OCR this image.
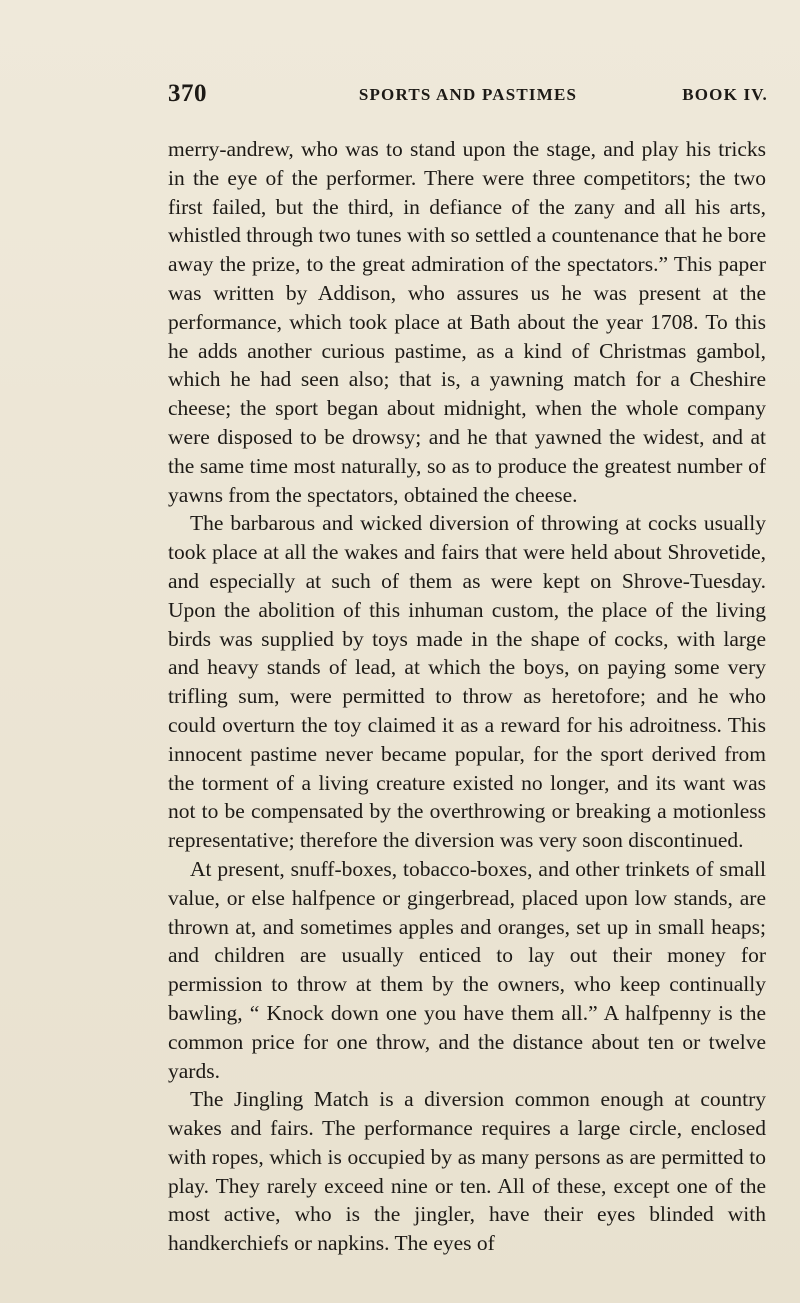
370	SPORTS AND PASTIMES	BOOK IV.

merry-andrew, who was to stand upon the stage, and play his tricks in the eye of the performer. There were three competitors; the two first failed, but the third, in defiance of the zany and all his arts, whistled through two tunes with so settled a countenance that he bore away the prize, to the great admiration of the spectators.” This paper was written by Addison, who assures us he was present at the performance, which took place at Bath about the year 1708. To this he adds another curious pastime, as a kind of Christmas gambol, which he had seen also; that is, a yawning match for a Cheshire cheese; the sport began about midnight, when the whole company were disposed to be drowsy; and he that yawned the widest, and at the same time most naturally, so as to produce the greatest number of yawns from the spectators, obtained the cheese.

The barbarous and wicked diversion of throwing at cocks usually took place at all the wakes and fairs that were held about Shrovetide, and especially at such of them as were kept on Shrove-Tuesday. Upon the abolition of this inhuman custom, the place of the living birds was supplied by toys made in the shape of cocks, with large and heavy stands of lead, at which the boys, on paying some very trifling sum, were permitted to throw as heretofore; and he who could overturn the toy claimed it as a reward for his adroitness. This innocent pastime never became popular, for the sport derived from the torment of a living creature existed no longer, and its want was not to be compensated by the overthrowing or breaking a motionless representative; therefore the diversion was very soon discontinued.

At present, snuff-boxes, tobacco-boxes, and other trinkets of small value, or else halfpence or gingerbread, placed upon low stands, are thrown at, and sometimes apples and oranges, set up in small heaps; and children are usually enticed to lay out their money for permission to throw at them by the owners, who keep continually bawling, “ Knock down one you have them all.” A halfpenny is the common price for one throw, and the distance about ten or twelve yards.

The Jingling Match is a diversion common enough at country wakes and fairs. The performance requires a large circle, enclosed with ropes, which is occupied by as many persons as are permitted to play. They rarely exceed nine or ten. All of these, except one of the most active, who is the jingler, have their eyes blinded with handkerchiefs or napkins. The eyes of
